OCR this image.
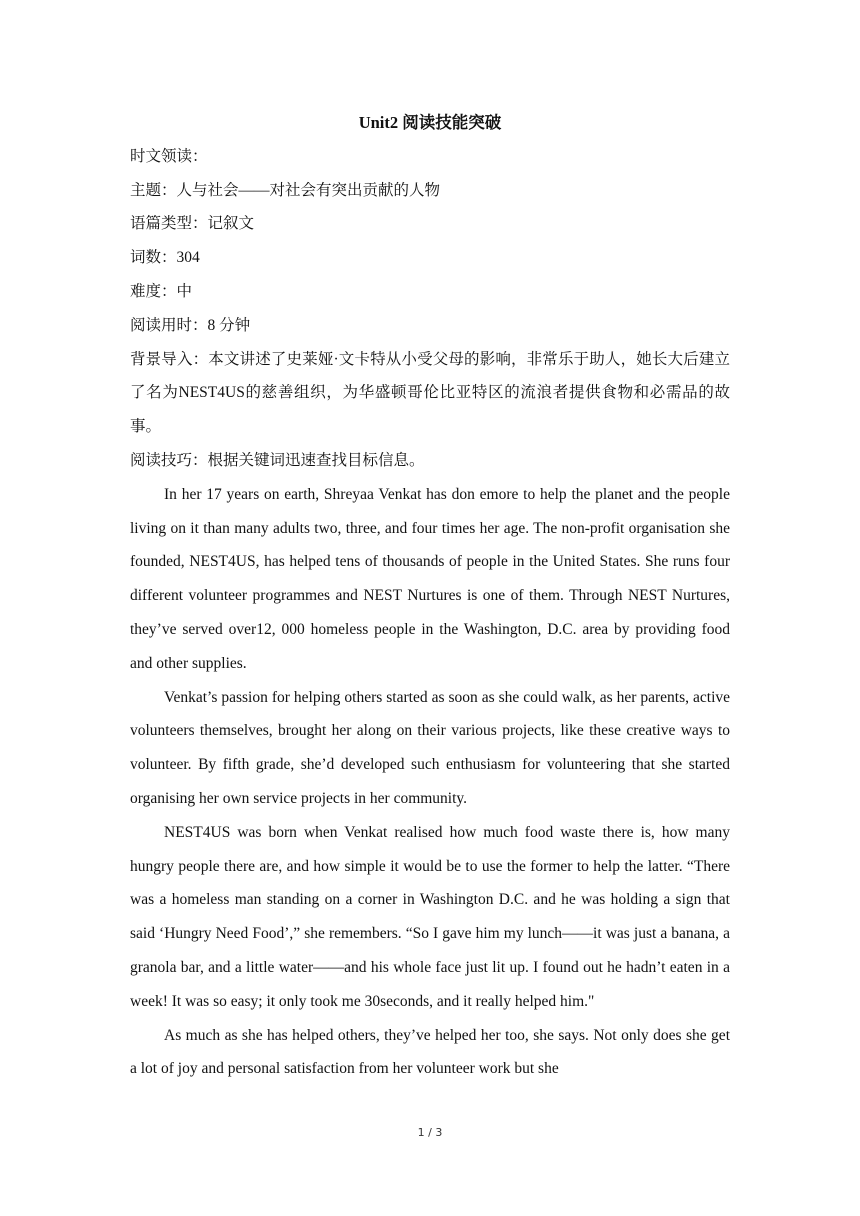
Unit2 阅读技能突破

时文领读：

主题：人与社会——对社会有突出贡献的人物

语篇类型：记叙文

词数：304

难度：中

阅读用时：8 分钟

背景导入：本文讲述了史莱娅·文卡特从小受父母的影响，非常乐于助人，她长大后建立了名为NEST4US的慈善组织，为华盛顿哥伦比亚特区的流浪者提供食物和必需品的故事。

阅读技巧：根据关键词迅速查找目标信息。

In her 17 years on earth, Shreyaa Venkat has don emore to help the planet and the people living on it than many adults two, three, and four times her age. The non-profit organisation she founded, NEST4US, has helped tens of thousands of people in the United States. She runs four different volunteer programmes and NEST Nurtures is one of them. Through NEST Nurtures, they’ve served over12, 000 homeless people in the Washington, D.C. area by providing food and other supplies.

Venkat’s passion for helping others started as soon as she could walk, as her parents, active volunteers themselves, brought her along on their various projects, like these creative ways to volunteer. By fifth grade, she’d developed such enthusiasm for volunteering that she started organising her own service projects in her community.

NEST4US was born when Venkat realised how much food waste there is, how many hungry people there are, and how simple it would be to use the former to help the latter. “There was a homeless man standing on a corner in Washington D.C. and he was holding a sign that said ‘Hungry Need Food’,” she remembers. “So I gave him my lunch——it was just a banana, a granola bar, and a little water——and his whole face just lit up. I found out he hadn’t eaten in a week! It was so easy; it only took me 30seconds, and it really helped him."

As much as she has helped others, they’ve helped her too, she says. Not only does she get a lot of joy and personal satisfaction from her volunteer work but she

1 / 3
